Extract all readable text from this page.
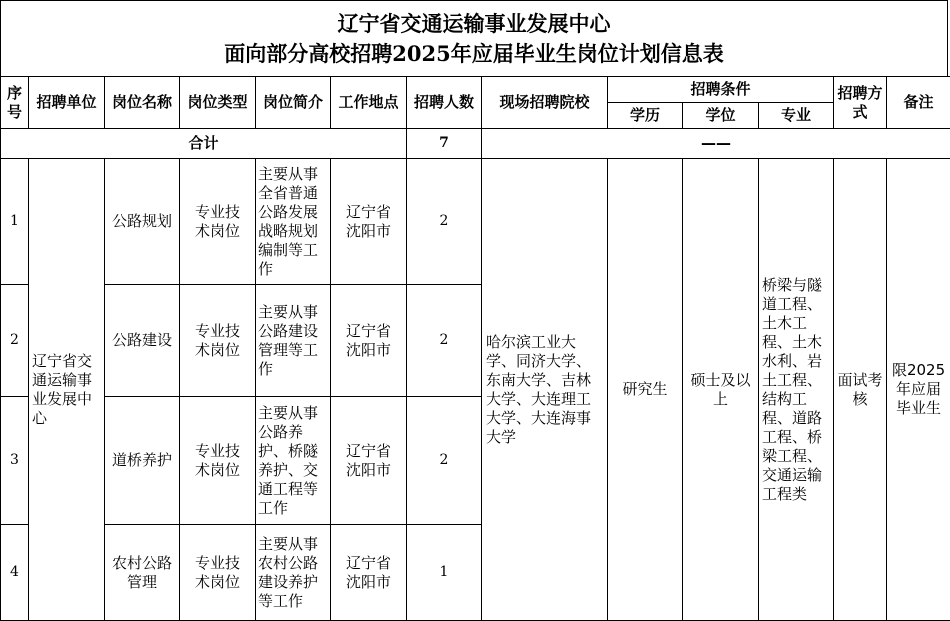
辽宁省交通运输事业发展中心
面向部分高校招聘2025年应届毕业生岗位计划信息表
序号	招聘单位	岗位名称	岗位类型	岗位简介	工作地点	招聘人数	现场招聘院校	招聘条件			招聘方式	备注
								学历	学位	专业		
合计						7	——					
1	辽宁省交通运输事业发展中心	公路规划	专业技术岗位	主要从事全省普通公路发展战略规划编制等工作	辽宁省沈阳市	2	哈尔滨工业大学、同济大学、东南大学、吉林大学、大连理工大学、大连海事大学	研究生	硕士及以上	桥梁与隧道工程、土木工程、土木水利、岩土工程、结构工程、道路工程、桥梁工程、交通运输工程类	面试考核	限2025年应届毕业生
2		公路建设	专业技术岗位	主要从事公路建设管理等工作	辽宁省沈阳市	2						
3		道桥养护	专业技术岗位	主要从事公路养护、桥隧养护、交通工程等工作	辽宁省沈阳市	2						
4		农村公路管理	专业技术岗位	主要从事农村公路建设养护等工作	辽宁省沈阳市	1						
